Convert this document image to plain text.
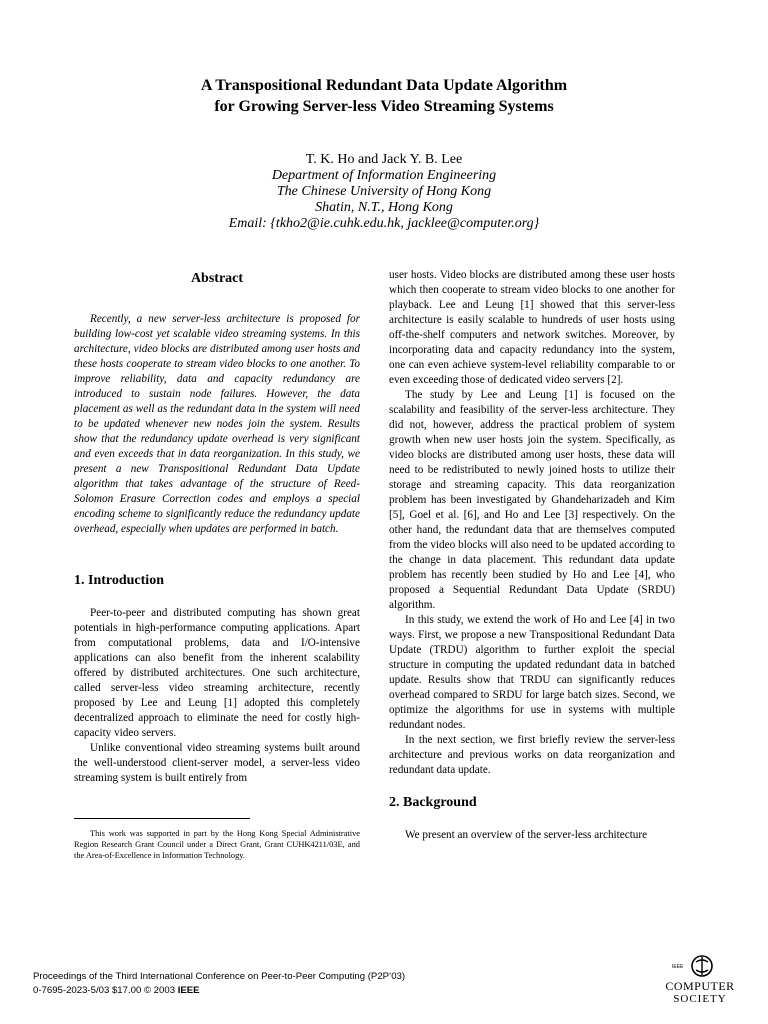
A Transpositional Redundant Data Update Algorithm
for Growing Server-less Video Streaming Systems
T. K. Ho and Jack Y. B. Lee
Department of Information Engineering
The Chinese University of Hong Kong
Shatin, N.T., Hong Kong
Email: {tkho2@ie.cuhk.edu.hk, jacklee@computer.org}
Abstract

Recently, a new server-less architecture is proposed for building low-cost yet scalable video streaming systems. In this architecture, video blocks are distributed among user hosts and these hosts cooperate to stream video blocks to one another. To improve reliability, data and capacity redundancy are introduced to sustain node failures. However, the data placement as well as the redundant data in the system will need to be updated whenever new nodes join the system. Results show that the redundancy update overhead is very significant and even exceeds that in data reorganization. In this study, we present a new Transpositional Redundant Data Update algorithm that takes advantage of the structure of Reed-Solomon Erasure Correction codes and employs a special encoding scheme to significantly reduce the redundancy update overhead, especially when updates are performed in batch.

1. Introduction

Peer-to-peer and distributed computing has shown great potentials in high-performance computing applications. Apart from computational problems, data and I/O-intensive applications can also benefit from the inherent scalability offered by distributed architectures. One such architecture, called server-less video streaming architecture, recently proposed by Lee and Leung [1] adopted this completely decentralized approach to eliminate the need for costly high-capacity video servers.

Unlike conventional video streaming systems built around the well-understood client-server model, a server-less video streaming system is built entirely from

This work was supported in part by the Hong Kong Special Administrative Region Research Grant Council under a Direct Grant, Grant CUHK4211/03E, and the Area-of-Excellence in Information Technology.

user hosts. Video blocks are distributed among these user hosts which then cooperate to stream video blocks to one another for playback. Lee and Leung [1] showed that this server-less architecture is easily scalable to hundreds of user hosts using off-the-shelf computers and network switches. Moreover, by incorporating data and capacity redundancy into the system, one can even achieve system-level reliability comparable to or even exceeding those of dedicated video servers [2].

The study by Lee and Leung [1] is focused on the scalability and feasibility of the server-less architecture. They did not, however, address the practical problem of system growth when new user hosts join the system. Specifically, as video blocks are distributed among user hosts, these data will need to be redistributed to newly joined hosts to utilize their storage and streaming capacity. This data reorganization problem has been investigated by Ghandeharizadeh and Kim [5], Goel et al. [6], and Ho and Lee [3] respectively. On the other hand, the redundant data that are themselves computed from the video blocks will also need to be updated according to the change in data placement. This redundant data update problem has recently been studied by Ho and Lee [4], who proposed a Sequential Redundant Data Update (SRDU) algorithm.

In this study, we extend the work of Ho and Lee [4] in two ways. First, we propose a new Transpositional Redundant Data Update (TRDU) algorithm to further exploit the special structure in computing the updated redundant data in batched update. Results show that TRDU can significantly reduces overhead compared to SRDU for large batch sizes. Second, we optimize the algorithms for use in systems with multiple redundant nodes.

In the next section, we first briefly review the server-less architecture and previous works on data reorganization and redundant data update.

2. Background

We present an overview of the server-less architecture

Proceedings of the Third International Conference on Peer-to-Peer Computing (P2P’03)
0-7695-2023-5/03 $17.00 © 2003 IEEE
IEEE
COMPUTER
SOCIETY
